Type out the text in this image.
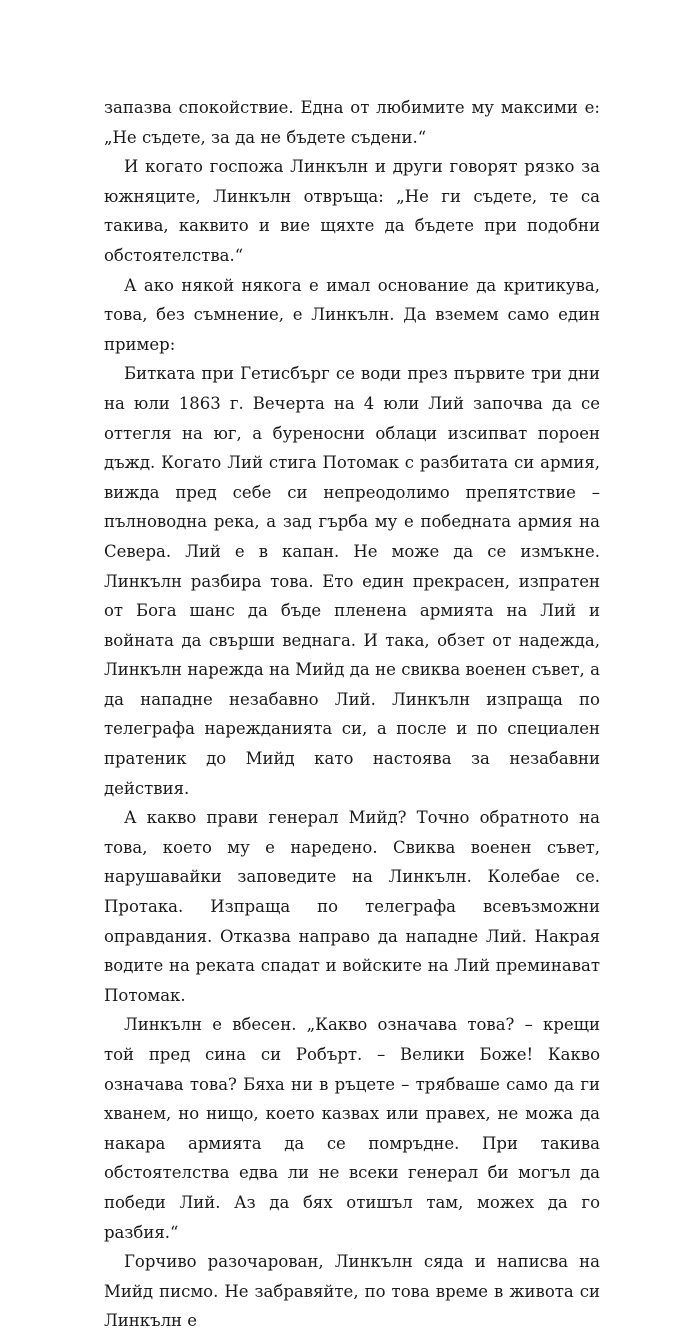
запазва спокойствие. Една от любимите му максими е: „Не съдете, за да не бъдете съдени.“

И когато госпожа Линкълн и други говорят рязко за южняците, Линкълн отвръща: „Не ги съдете, те са такива, каквито и вие щяхте да бъдете при подобни обстоятелства.“

А ако някой някога е имал основание да критикува, това, без съмнение, е Линкълн. Да вземем само един пример:

Битката при Гетисбърг се води през първите три дни на юли 1863 г. Вечерта на 4 юли Лий започва да се оттегля на юг, а буреносни облаци изсипват пороен дъжд. Когато Лий стига Потомак с разбитата си армия, вижда пред себе си непреодолимо препятствие – пълноводна река, а зад гърба му е победната армия на Севера. Лий е в капан. Не може да се измъкне. Линкълн разбира това. Ето един прекрасен, изпратен от Бога шанс да бъде пленена армията на Лий и войната да свърши веднага. И така, обзет от надежда, Линкълн нарежда на Мийд да не свиква военен съвет, а да нападне незабавно Лий. Линкълн изпраща по телеграфа нарежданията си, а после и по специален пратеник до Мийд като настоява за незабавни действия.

А какво прави генерал Мийд? Точно обратното на това, което му е наредено. Свиква военен съвет, нарушавайки заповедите на Линкълн. Колебае се. Протака. Изпраща по телеграфа всевъзможни оправдания. Отказва направо да нападне Лий. Накрая водите на реката спадат и войските на Лий преминават Потомак.

Линкълн е вбесен. „Какво означава това? – крещи той пред сина си Робърт. – Велики Боже! Какво означава това? Бяха ни в ръцете – трябваше само да ги хванем, но нищо, което казвах или правех, не можа да накара армията да се помръдне. При такива обстоятелства едва ли не всеки генерал би могъл да победи Лий. Аз да бях отишъл там, можех да го разбия.“

Горчиво разочарован, Линкълн сяда и написва на Мийд писмо. Не забравяйте, по това време в живота си Линкълн е
